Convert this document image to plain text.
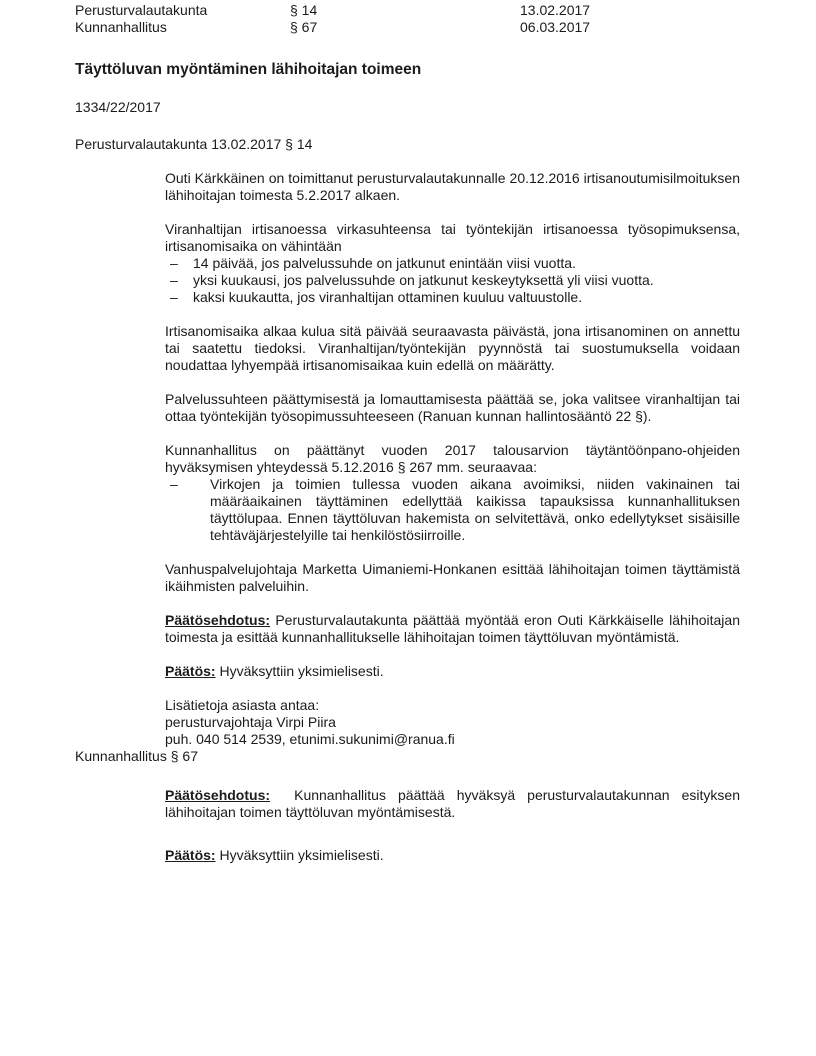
Perusturvalautakunta	§ 14	13.02.2017
Kunnanhallitus	§ 67	06.03.2017
Täyttöluvan myöntäminen lähihoitajan toimeen
1334/22/2017
Perusturvalautakunta 13.02.2017 § 14

Outi Kärkkäinen on toimittanut perusturvalautakunnalle 20.12.2016 irtisanoutumisilmoituksen lähihoitajan toimesta 5.2.2017 alkaen.

Viranhaltijan irtisanoessa virkasuhteensa tai työntekijän irtisanoessa työsopimuksensa, irtisanomisaika on vähintään

–	14 päivää, jos palvelussuhde on jatkunut enintään viisi vuotta.
–	yksi kuukausi, jos palvelussuhde on jatkunut keskeytyksettä yli viisi vuotta.
–	kaksi kuukautta, jos viranhaltijan ottaminen kuuluu valtuustolle.

Irtisanomisaika alkaa kulua sitä päivää seuraavasta päivästä, jona irtisanominen on annettu tai saatettu tiedoksi. Viranhaltijan/työntekijän pyynnöstä tai suostumuksella voidaan noudattaa lyhyempää irtisanomisaikaa kuin edellä on määrätty.

Palvelussuhteen päättymisestä ja lomauttamisesta päättää se, joka valitsee viranhaltijan tai ottaa työntekijän työsopimussuhteeseen (Ranuan kunnan hallintosääntö 22 §).

Kunnanhallitus on päättänyt vuoden 2017 talousarvion täytäntöönpano-ohjeiden hyväksymisen yhteydessä 5.12.2016 § 267 mm. seuraavaa:

–	Virkojen ja toimien tullessa vuoden aikana avoimiksi, niiden vakinainen tai määräaikainen täyttäminen edellyttää kaikissa tapauksissa kunnanhallituksen täyttölupaa. Ennen täyttöluvan hakemista on selvitettävä, onko edellytykset sisäisille tehtäväjärjestelyille tai henkilöstösiirroille.

Vanhuspalvelujohtaja Marketta Uimaniemi-Honkanen esittää lähihoitajan toimen täyttämistä ikäihmisten palveluihin.

Päätösehdotus: Perusturvalautakunta päättää myöntää eron Outi Kärkkäiselle lähihoitajan toimesta ja esittää kunnanhallitukselle lähihoitajan toimen täyttöluvan myöntämistä.

Päätös: Hyväksyttiin yksimielisesti.

Lisätietoja asiasta antaa:
perusturvajohtaja Virpi Piira
puh. 040 514 2539, etunimi.sukunimi@ranua.fi
Kunnanhallitus § 67

Päätösehdotus: Kunnanhallitus päättää hyväksyä perusturvalautakunnan esityksen lähihoitajan toimen täyttöluvan myöntämisestä.

Päätös: Hyväksyttiin yksimielisesti.
